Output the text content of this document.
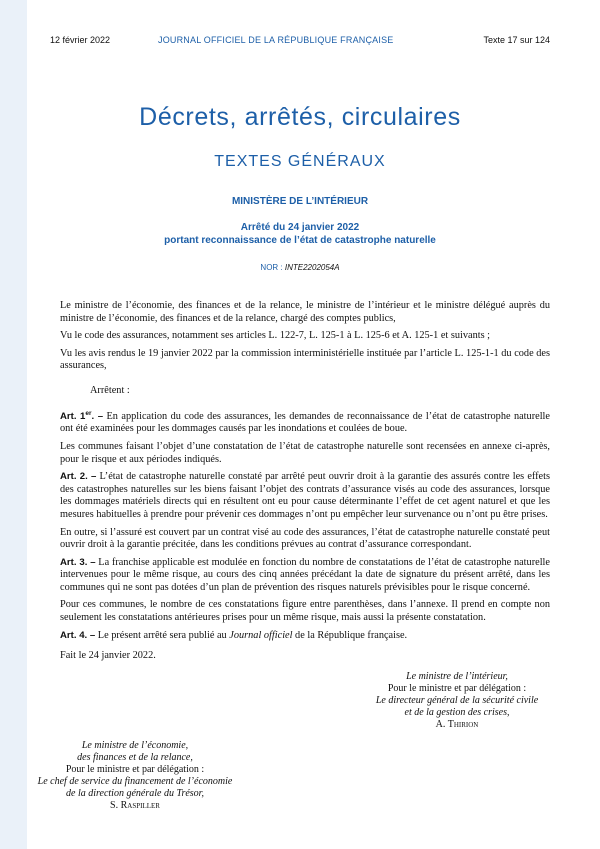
12 février 2022	JOURNAL OFFICIEL DE LA RÉPUBLIQUE FRANÇAISE	Texte 17 sur 124
Décrets, arrêtés, circulaires
TEXTES GÉNÉRAUX
MINISTÈRE DE L’INTÉRIEUR
Arrêté du 24 janvier 2022
portant reconnaissance de l’état de catastrophe naturelle
NOR : INTE2202054A

Le ministre de l’économie, des finances et de la relance, le ministre de l’intérieur et le ministre délégué auprès du ministre de l’économie, des finances et de la relance, chargé des comptes publics,

Vu le code des assurances, notamment ses articles L. 122-7, L. 125-1 à L. 125-6 et A. 125-1 et suivants ;

Vu les avis rendus le 19 janvier 2022 par la commission interministérielle instituée par l’article L. 125-1-1 du code des assurances,

Arrêtent :

Art. 1er. – En application du code des assurances, les demandes de reconnaissance de l’état de catastrophe naturelle ont été examinées pour les dommages causés par les inondations et coulées de boue.

Les communes faisant l’objet d’une constatation de l’état de catastrophe naturelle sont recensées en annexe ci-après, pour le risque et aux périodes indiqués.

Art. 2. – L’état de catastrophe naturelle constaté par arrêté peut ouvrir droit à la garantie des assurés contre les effets des catastrophes naturelles sur les biens faisant l’objet des contrats d’assurance visés au code des assurances, lorsque les dommages matériels directs qui en résultent ont eu pour cause déterminante l’effet de cet agent naturel et que les mesures habituelles à prendre pour prévenir ces dommages n’ont pu empêcher leur survenance ou n’ont pu être prises.

En outre, si l’assuré est couvert par un contrat visé au code des assurances, l’état de catastrophe naturelle constaté peut ouvrir droit à la garantie précitée, dans les conditions prévues au contrat d’assurance correspondant.

Art. 3. – La franchise applicable est modulée en fonction du nombre de constatations de l’état de catastrophe naturelle intervenues pour le même risque, au cours des cinq années précédant la date de signature du présent arrêté, dans les communes qui ne sont pas dotées d’un plan de prévention des risques naturels prévisibles pour le risque concerné.

Pour ces communes, le nombre de ces constatations figure entre parenthèses, dans l’annexe. Il prend en compte non seulement les constatations antérieures prises pour un même risque, mais aussi la présente constatation.

Art. 4. – Le présent arrêté sera publié au Journal officiel de la République française.

Fait le 24 janvier 2022.

Le ministre de l’intérieur,
Pour le ministre et par délégation :
Le directeur général de la sécurité civile
et de la gestion des crises,
A. Thirion
Le ministre de l’économie,
des finances et de la relance,
Pour le ministre et par délégation :
Le chef de service du financement de l’économie
de la direction générale du Trésor,
S. Raspiller
